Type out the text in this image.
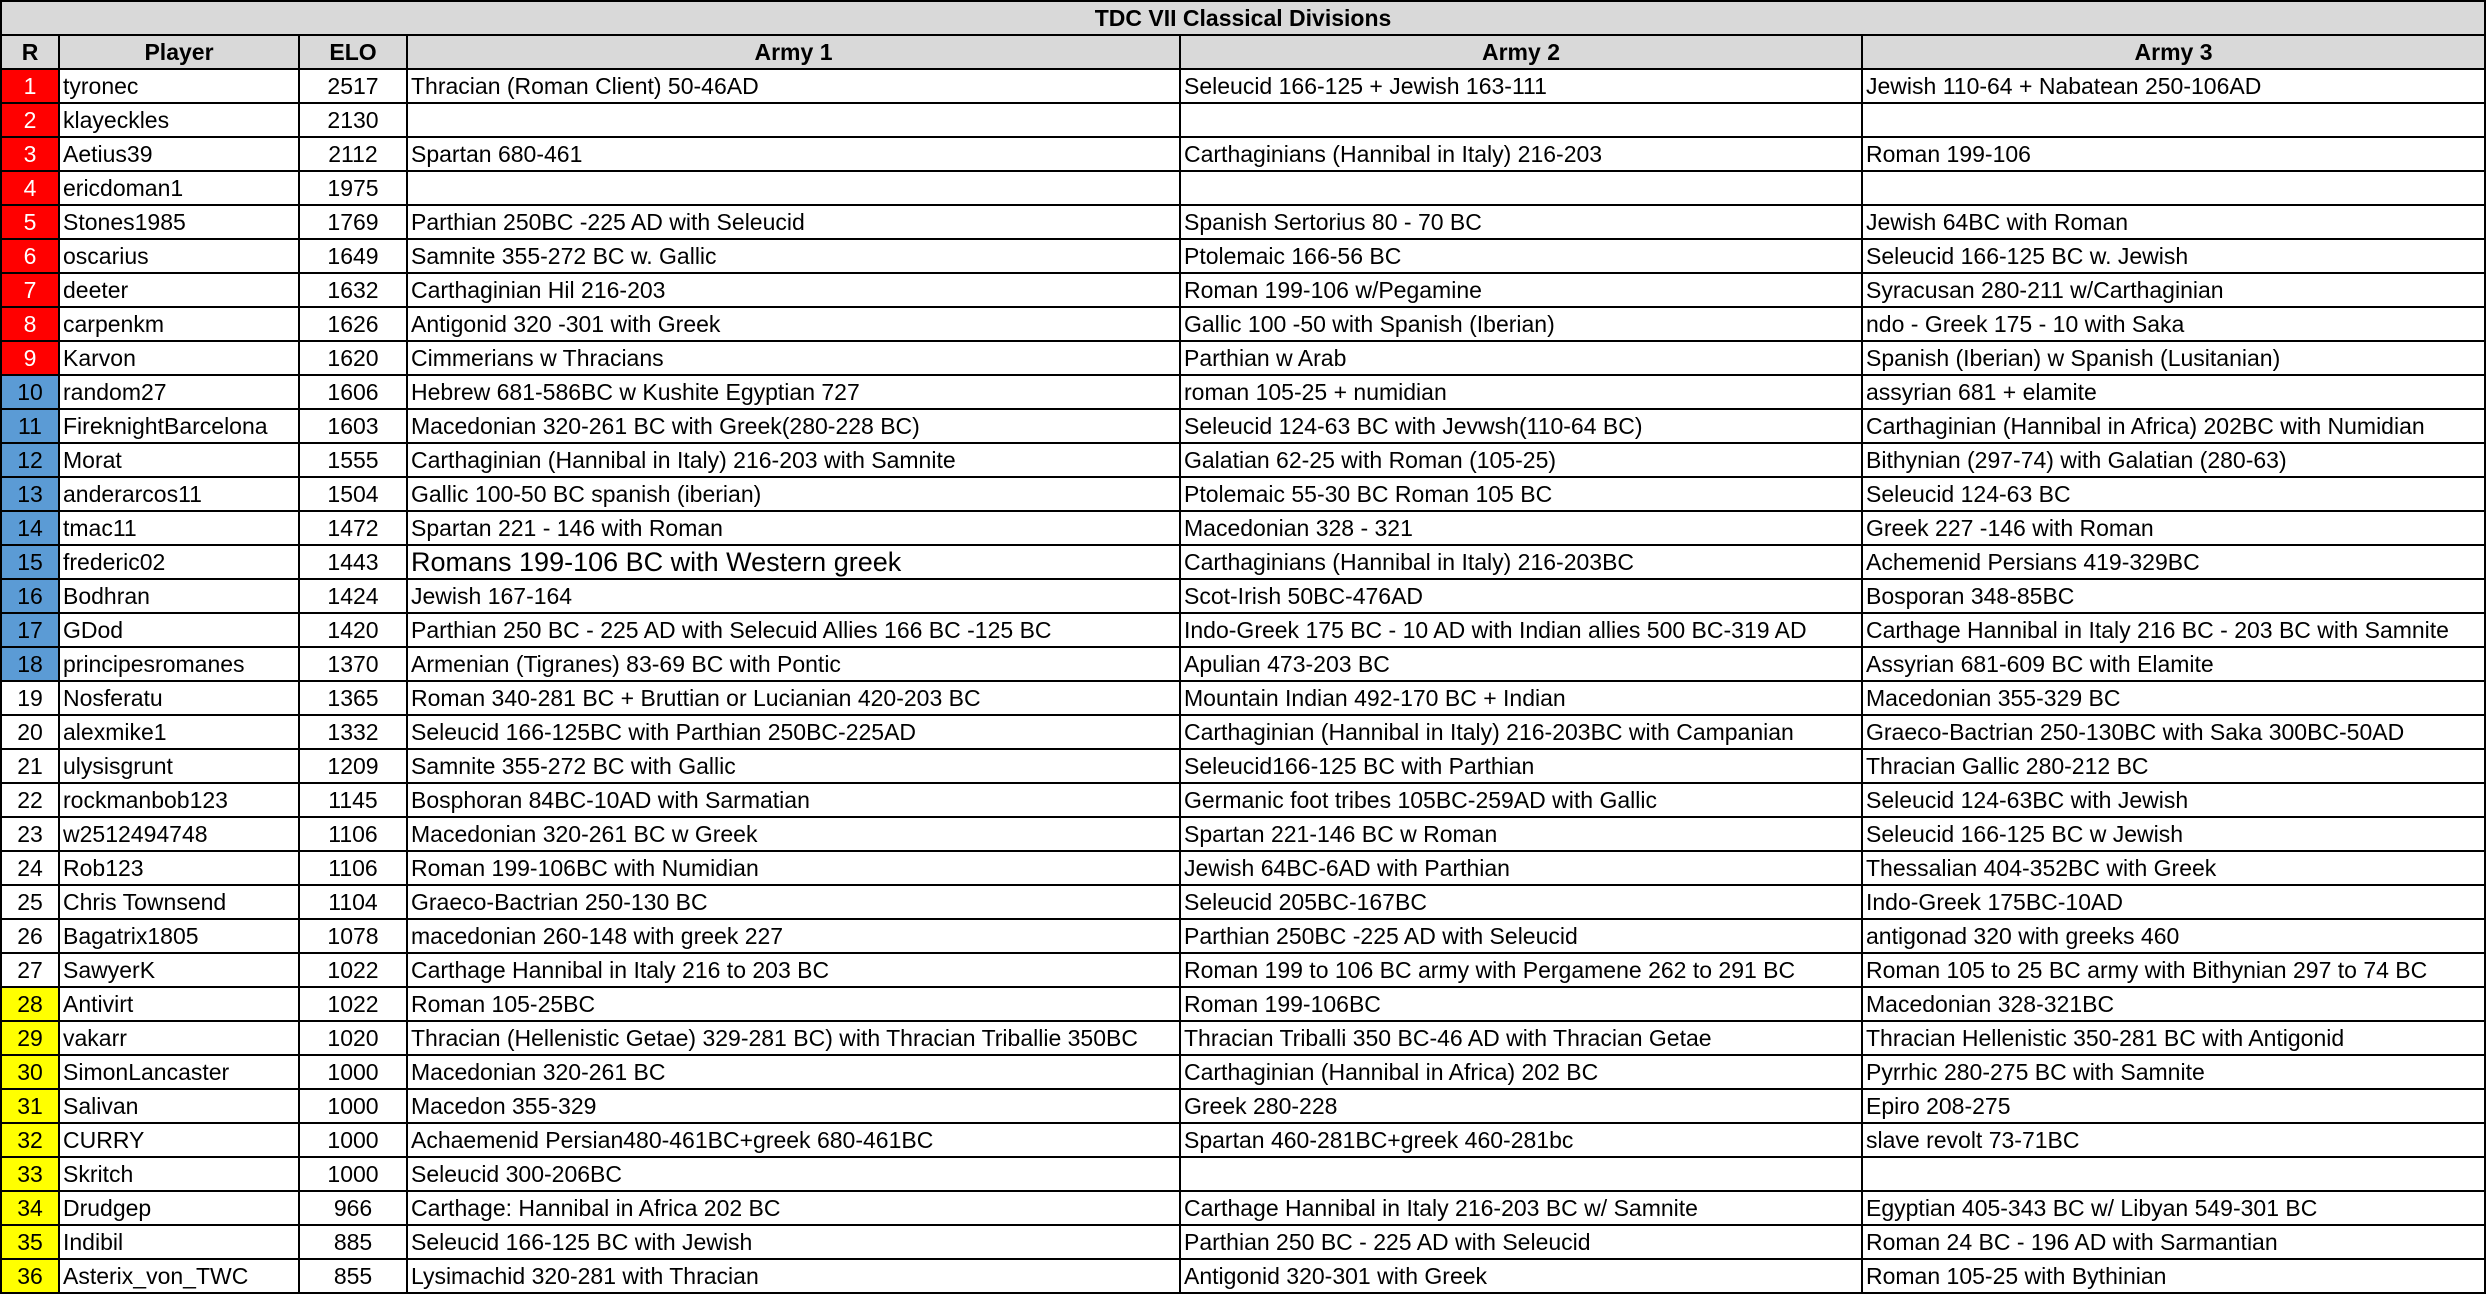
TDC VII Classical Divisions					
R	Player	ELO	Army 1	Army 2	Army 3
1	tyronec	2517	Thracian (Roman Client) 50-46AD	Seleucid 166-125 + Jewish 163-111	Jewish 110-64 + Nabatean 250-106AD
2	klayeckles	2130			
3	Aetius39	2112	Spartan 680-461	Carthaginians (Hannibal in Italy) 216-203	Roman 199-106
4	ericdoman1	1975			
5	Stones1985	1769	Parthian 250BC -225 AD with Seleucid	Spanish Sertorius 80 - 70 BC	Jewish 64BC with Roman
6	oscarius	1649	Samnite 355-272 BC w. Gallic	Ptolemaic 166-56 BC	Seleucid 166-125 BC w. Jewish
7	deeter	1632	Carthaginian Hil 216-203	Roman 199-106 w/Pegamine	Syracusan 280-211 w/Carthaginian
8	carpenkm	1626	Antigonid 320 -301 with Greek	Gallic 100 -50 with Spanish (Iberian)	ndo - Greek 175 - 10 with Saka
9	Karvon	1620	Cimmerians w Thracians	Parthian w Arab	Spanish (Iberian) w Spanish (Lusitanian)
10	random27	1606	Hebrew 681-586BC w Kushite Egyptian 727	roman 105-25 + numidian	assyrian 681 + elamite
11	FireknightBarcelona	1603	Macedonian 320-261 BC with Greek(280-228 BC)	Seleucid 124-63 BC with Jevwsh(110-64 BC)	Carthaginian (Hannibal in Africa) 202BC with Numidian
12	Morat	1555	Carthaginian (Hannibal in Italy) 216-203 with Samnite	Galatian 62-25 with Roman (105-25)	Bithynian (297-74) with Galatian (280-63)
13	anderarcos11	1504	Gallic 100-50 BC spanish (iberian)	Ptolemaic 55-30 BC Roman 105 BC	Seleucid 124-63 BC
14	tmac11	1472	Spartan 221 - 146 with Roman	Macedonian 328 - 321	Greek 227 -146 with Roman
15	frederic02	1443	Romans 199-106 BC with Western greek	Carthaginians (Hannibal in Italy) 216-203BC	Achemenid Persians 419-329BC
16	Bodhran	1424	Jewish 167-164	Scot-Irish 50BC-476AD	Bosporan 348-85BC
17	GDod	1420	Parthian 250 BC - 225 AD with Selecuid Allies 166 BC -125 BC	Indo-Greek 175 BC - 10 AD with Indian allies 500 BC-319 AD	Carthage Hannibal in Italy 216 BC - 203 BC with Samnite
18	principesromanes	1370	Armenian (Tigranes) 83-69 BC with Pontic	Apulian 473-203 BC	Assyrian 681-609 BC with Elamite
19	Nosferatu	1365	Roman 340-281 BC + Bruttian or Lucianian 420-203 BC	Mountain Indian 492-170 BC + Indian	Macedonian 355-329 BC
20	alexmike1	1332	Seleucid 166-125BC with Parthian 250BC-225AD	Carthaginian (Hannibal in Italy) 216-203BC with Campanian	Graeco-Bactrian 250-130BC with Saka 300BC-50AD
21	ulysisgrunt	1209	Samnite 355-272 BC with Gallic	Seleucid166-125 BC with Parthian	Thracian Gallic 280-212 BC
22	rockmanbob123	1145	Bosphoran 84BC-10AD with Sarmatian	Germanic foot tribes 105BC-259AD with Gallic	Seleucid 124-63BC with Jewish
23	w2512494748	1106	Macedonian 320-261 BC w Greek	Spartan 221-146 BC w Roman	Seleucid 166-125 BC w Jewish
24	Rob123	1106	Roman 199-106BC with Numidian	Jewish 64BC-6AD with Parthian	Thessalian 404-352BC with Greek
25	Chris Townsend	1104	Graeco-Bactrian 250-130 BC	Seleucid 205BC-167BC	Indo-Greek 175BC-10AD
26	Bagatrix1805	1078	macedonian 260-148 with greek 227	Parthian 250BC -225 AD with Seleucid	antigonad 320 with greeks 460
27	SawyerK	1022	Carthage Hannibal in Italy 216 to 203 BC	Roman 199 to 106 BC army with Pergamene 262 to 291 BC	Roman 105 to 25 BC army with Bithynian 297 to 74 BC
28	Antivirt	1022	Roman 105-25BC	Roman 199-106BC	Macedonian 328-321BC
29	vakarr	1020	Thracian (Hellenistic Getae) 329-281 BC) with Thracian Triballie 350BC	Thracian Triballi 350 BC-46 AD with Thracian Getae	Thracian Hellenistic 350-281 BC with Antigonid
30	SimonLancaster	1000	Macedonian 320-261 BC	Carthaginian (Hannibal in Africa) 202 BC	Pyrrhic 280-275 BC with Samnite
31	Salivan	1000	Macedon 355-329	Greek 280-228	Epiro 208-275
32	CURRY	1000	Achaemenid Persian480-461BC+greek 680-461BC	Spartan 460-281BC+greek 460-281bc	slave revolt 73-71BC
33	Skritch	1000	Seleucid 300-206BC		
34	Drudgep	966	Carthage: Hannibal in Africa 202 BC	Carthage Hannibal in Italy 216-203 BC w/ Samnite	Egyptian 405-343 BC w/ Libyan 549-301 BC
35	Indibil	885	Seleucid 166-125 BC with Jewish	Parthian 250 BC - 225 AD with Seleucid	Roman 24 BC - 196 AD with Sarmantian
36	Asterix_von_TWC	855	Lysimachid 320-281 with Thracian	Antigonid 320-301 with Greek	Roman 105-25 with Bythinian
